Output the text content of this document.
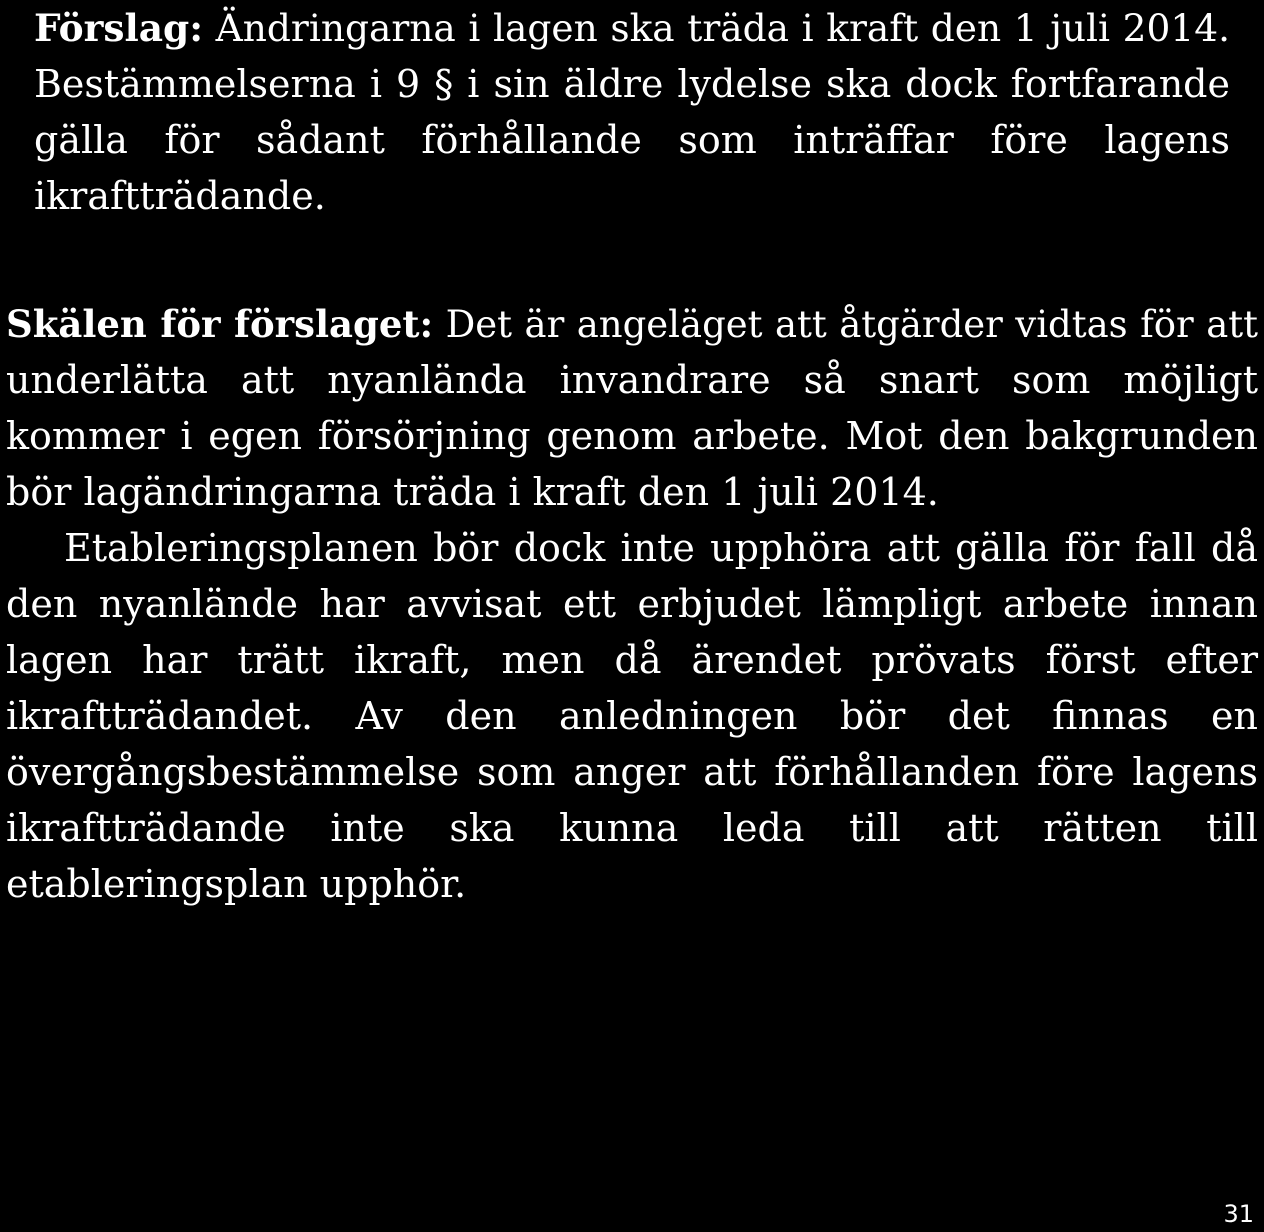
Förslag: Ändringarna i lagen ska träda i kraft den 1 juli 2014.
Bestämmelserna i 9 § i sin äldre lydelse ska dock fortfarande
gälla för sådant förhållande som inträffar före lagens
ikraftträdande.
Skälen för förslaget: Det är angeläget att åtgärder vidtas för att
underlätta att nyanlända invandrare så snart som möjligt
kommer i egen försörjning genom arbete. Mot den bakgrunden
bör lagändringarna träda i kraft den 1 juli 2014.
Etableringsplanen bör dock inte upphöra att gälla för fall då
den nyanlände har avvisat ett erbjudet lämpligt arbete innan
lagen har trätt ikraft, men då ärendet prövats först efter
ikraftträdandet. Av den anledningen bör det finnas en
övergångsbestämmelse som anger att förhållanden före lagens
ikraftträdande inte ska kunna leda till att rätten till
etableringsplan upphör.
31
